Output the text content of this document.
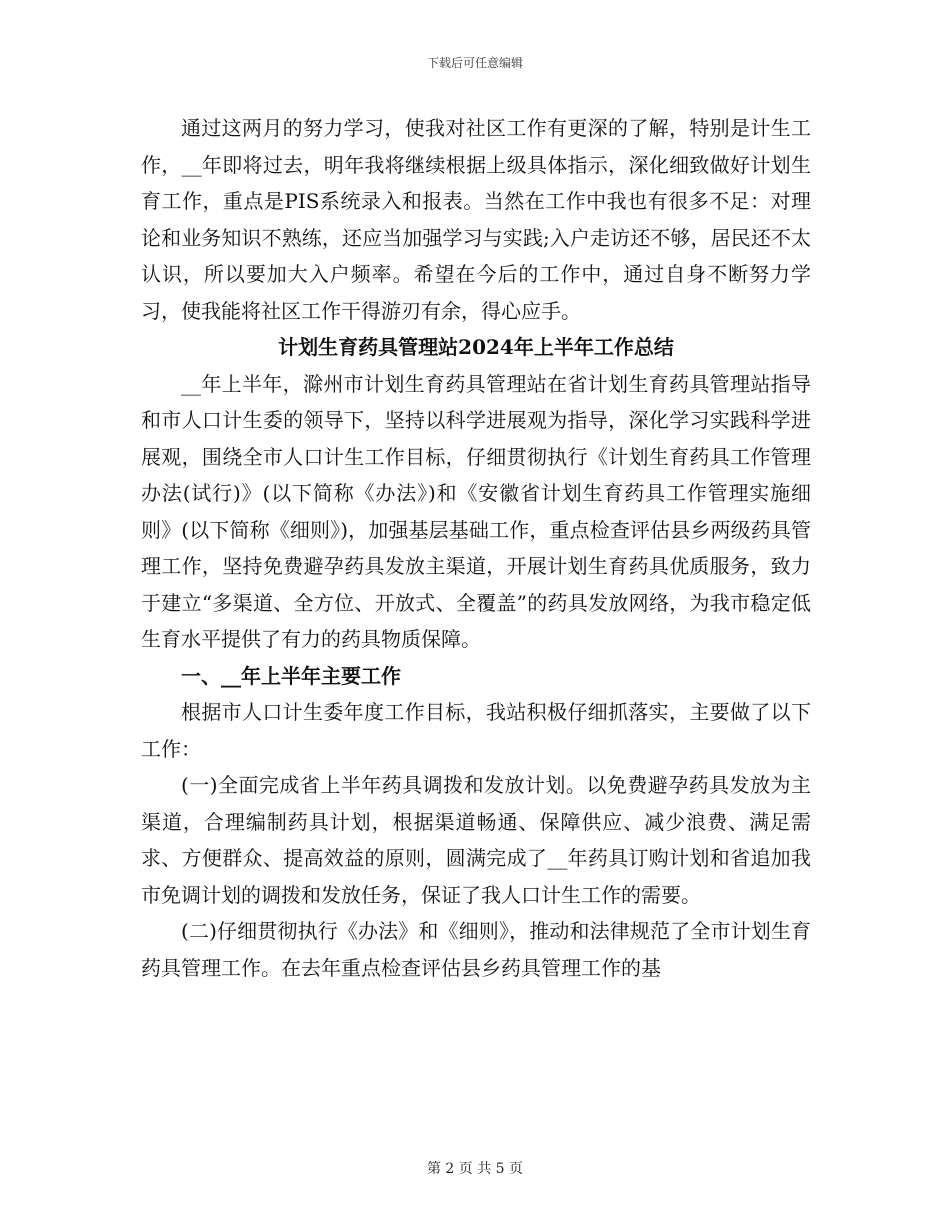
下载后可任意编辑

通过这两月的努力学习，使我对社区工作有更深的了解，特别是计生工作，__年即将过去，明年我将继续根据上级具体指示，深化细致做好计划生育工作，重点是PIS系统录入和报表。当然在工作中我也有很多不足：对理论和业务知识不熟练，还应当加强学习与实践;入户走访还不够，居民还不太认识，所以要加大入户频率。希望在今后的工作中，通过自身不断努力学习，使我能将社区工作干得游刃有余，得心应手。

计划生育药具管理站2024年上半年工作总结

__年上半年，滁州市计划生育药具管理站在省计划生育药具管理站指导和市人口计生委的领导下，坚持以科学进展观为指导，深化学习实践科学进展观，围绕全市人口计生工作目标，仔细贯彻执行《计划生育药具工作管理办法(试行)》(以下简称《办法》)和《安徽省计划生育药具工作管理实施细则》(以下简称《细则》)，加强基层基础工作，重点检查评估县乡两级药具管理工作，坚持免费避孕药具发放主渠道，开展计划生育药具优质服务，致力于建立“多渠道、全方位、开放式、全覆盖”的药具发放网络，为我市稳定低生育水平提供了有力的药具物质保障。

一、__年上半年主要工作

根据市人口计生委年度工作目标，我站积极仔细抓落实，主要做了以下工作：

(一)全面完成省上半年药具调拨和发放计划。以免费避孕药具发放为主渠道，合理编制药具计划，根据渠道畅通、保障供应、减少浪费、满足需求、方便群众、提高效益的原则，圆满完成了__年药具订购计划和省追加我市免调计划的调拨和发放任务，保证了我人口计生工作的需要。

(二)仔细贯彻执行《办法》和《细则》，推动和法律规范了全市计划生育药具管理工作。在去年重点检查评估县乡药具管理工作的基

第 2 页 共 5 页
